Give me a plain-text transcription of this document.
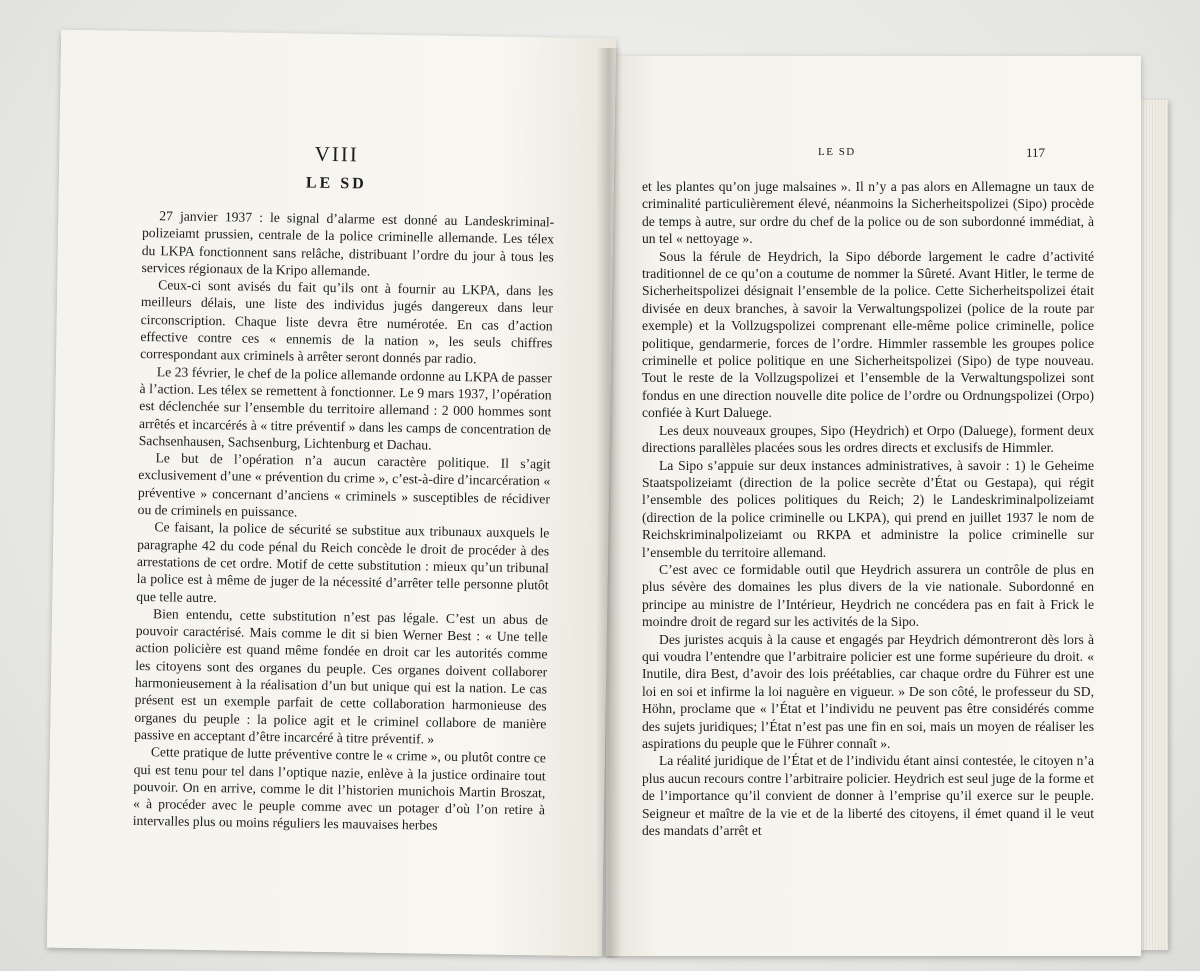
LE SD	117

et les plantes qu’on juge malsaines ». Il n’y a pas alors en Allemagne un taux de criminalité particulièrement élevé, néanmoins la Sicherheitspolizei (Sipo) procède de temps à autre, sur ordre du chef de la police ou de son subordonné immédiat, à un tel « nettoyage ».

Sous la férule de Heydrich, la Sipo déborde largement le cadre d’activité traditionnel de ce qu’on a coutume de nommer la Sûreté. Avant Hitler, le terme de Sicherheitspolizei désignait l’ensemble de la police. Cette Sicherheitspolizei était divisée en deux branches, à savoir la Verwaltungspolizei (police de la route par exemple) et la Vollzugspolizei comprenant elle-même police criminelle, police politique, gendarmerie, forces de l’ordre. Himmler rassemble les groupes police criminelle et police politique en une Sicherheitspolizei (Sipo) de type nouveau. Tout le reste de la Vollzugspolizei et l’ensemble de la Verwaltungspolizei sont fondus en une direction nouvelle dite police de l’ordre ou Ordnungspolizei (Orpo) confiée à Kurt Daluege.

Les deux nouveaux groupes, Sipo (Heydrich) et Orpo (Daluege), forment deux directions parallèles placées sous les ordres directs et exclusifs de Himmler.

La Sipo s’appuie sur deux instances administratives, à savoir : 1) le Geheime Staatspolizeiamt (direction de la police secrète d’État ou Gestapa), qui régit l’ensemble des polices politiques du Reich; 2) le Landeskriminalpolizeiamt (direction de la police criminelle ou LKPA), qui prend en juillet 1937 le nom de Reichskriminalpolizeiamt ou RKPA et administre la police criminelle sur l’ensemble du territoire allemand.

C’est avec ce formidable outil que Heydrich assurera un contrôle de plus en plus sévère des domaines les plus divers de la vie nationale. Subordonné en principe au ministre de l’Intérieur, Heydrich ne concédera pas en fait à Frick le moindre droit de regard sur les activités de la Sipo.

Des juristes acquis à la cause et engagés par Heydrich démontreront dès lors à qui voudra l’entendre que l’arbitraire policier est une forme supérieure du droit. « Inutile, dira Best, d’avoir des lois préétablies, car chaque ordre du Führer est une loi en soi et infirme la loi naguère en vigueur. » De son côté, le professeur du SD, Höhn, proclame que « l’État et l’individu ne peuvent pas être considérés comme des sujets juridiques; l’État n’est pas une fin en soi, mais un moyen de réaliser les aspirations du peuple que le Führer connaît ».

La réalité juridique de l’État et de l’individu étant ainsi contestée, le citoyen n’a plus aucun recours contre l’arbitraire policier. Heydrich est seul juge de la forme et de l’importance qu’il convient de donner à l’emprise qu’il exerce sur le peuple. Seigneur et maître de la vie et de la liberté des citoyens, il émet quand il le veut des mandats d’arrêt et

VIII
LE SD

27 janvier 1937 : le signal d’alarme est donné au Landeskriminal-polizeiamt prussien, centrale de la police criminelle allemande. Les télex du LKPA fonctionnent sans relâche, distribuant l’ordre du jour à tous les services régionaux de la Kripo allemande.

Ceux-ci sont avisés du fait qu’ils ont à fournir au LKPA, dans les meilleurs délais, une liste des individus jugés dangereux dans leur circonscription. Chaque liste devra être numérotée. En cas d’action effective contre ces « ennemis de la nation », les seuls chiffres correspondant aux criminels à arrêter seront donnés par radio.

Le 23 février, le chef de la police allemande ordonne au LKPA de passer à l’action. Les télex se remettent à fonctionner. Le 9 mars 1937, l’opération est déclenchée sur l’ensemble du territoire allemand : 2 000 hommes sont arrêtés et incarcérés à « titre préventif » dans les camps de concentration de Sachsenhausen, Sachsenburg, Lichtenburg et Dachau.

Le but de l’opération n’a aucun caractère politique. Il s’agit exclusivement d’une « prévention du crime », c’est-à-dire d’incarcération « préventive » concernant d’anciens « criminels » susceptibles de récidiver ou de criminels en puissance.

Ce faisant, la police de sécurité se substitue aux tribunaux auxquels le paragraphe 42 du code pénal du Reich concède le droit de procéder à des arrestations de cet ordre. Motif de cette substitution : mieux qu’un tribunal la police est à même de juger de la nécessité d’arrêter telle personne plutôt que telle autre.

Bien entendu, cette substitution n’est pas légale. C’est un abus de pouvoir caractérisé. Mais comme le dit si bien Werner Best : « Une telle action policière est quand même fondée en droit car les autorités comme les citoyens sont des organes du peuple. Ces organes doivent collaborer harmonieusement à la réalisation d’un but unique qui est la nation. Le cas présent est un exemple parfait de cette collaboration harmonieuse des organes du peuple : la police agit et le criminel collabore de manière passive en acceptant d’être incarcéré à titre préventif. »

Cette pratique de lutte préventive contre le « crime », ou plutôt contre ce qui est tenu pour tel dans l’optique nazie, enlève à la justice ordinaire tout pouvoir. On en arrive, comme le dit l’historien munichois Martin Broszat, « à procéder avec le peuple comme avec un potager d’où l’on retire à intervalles plus ou moins réguliers les mauvaises herbes
